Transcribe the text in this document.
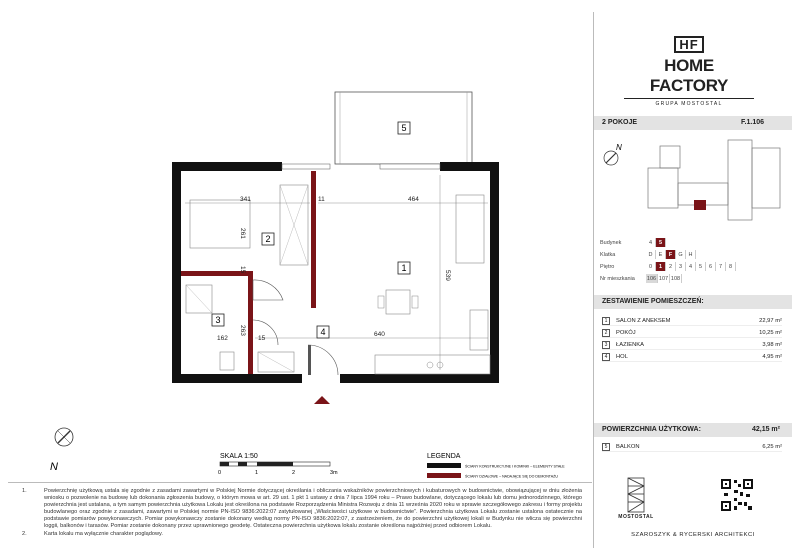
1
2
3
4
5
341	11	464
261
15
539
263
162	15
640
N
SKALA 1:50
0	1	2	3m
LEGENDA
ŚCIANY KONSTRUKCYJNE I KOMINKI – ELEMENTY STAŁE
ŚCIANY DZIAŁOWE – NADAJĄCE SIĘ DO DEMONTAŻU
1.	Powierzchnię użytkową ustala się zgodnie z zasadami zawartymi w Polskiej Normie dotyczącej określania i obliczania wskaźników powierzchniowych i kubaturowych w budownictwie, obowiązującej w dniu złożenia wniosku o pozwolenie na budowę lub dokonania zgłoszenia budowy, o którym mowa w art. 29 ust. 1 pkt 1 ustawy z dnia 7 lipca 1994 roku – Prawo budowlane, dotyczącego lokalu lub domu jednorodzinnego, którego powierzchnia jest ustalana, a tym samym powierzchnia użytkowa Lokalu jest określona na podstawie Rozporządzenia Ministra Rozwoju z dnia 11 września 2020 roku w sprawie szczegółowego zakresu i formy projektu budowlanego oraz zgodnie z zasadami, zawartymi w Polskiej normie PN-ISO 9836:2022:07 zatytułowanej „Właściwości użytkowe w budownictwie”. Powierzchnia użytkowa Lokalu zostanie ustalona ostatecznie na podstawie pomiarów powykonawczych. Pomiar powykonawczy zostanie dokonany według normy PN-ISO 9836:2022:07, z zastrzeżeniem, że do powierzchni użytkowej lokali w Budynku nie wlicza się powierzchni loggii, balkonów i tarasów. Pomiar zostanie dokonany przez uprawnionego geodetę. Ostateczna powierzchnia użytkowa lokalu zostanie określona najpóźniej przed odbiorem Lokalu.
2.	Karta lokalu ma wyłącznie charakter poglądowy.
HF
HOME FACTORY
GRUPA MOSTOSTAL
2 POKOJE	F.1.106
N
Budynek	4	5
Klatka	D	E	F	G	H
Piętro	0	1	2	3	4	5	6	7	8
Nr mieszkania	106 107 108
ZESTAWIENIE POMIESZCZEŃ:
1	SALON Z ANEKSEM	22,97 m²
2	POKÓJ	10,25 m²
3	ŁAZIENKA	3,98 m²
4	HOL	4,95 m²
POWIERZCHNIA UŻYTKOWA:	42,15 m²
5	BALKON	6,25 m²
MOSTOSTAL
SZAROSZYK & RYCERSKI ARCHITEKCI
